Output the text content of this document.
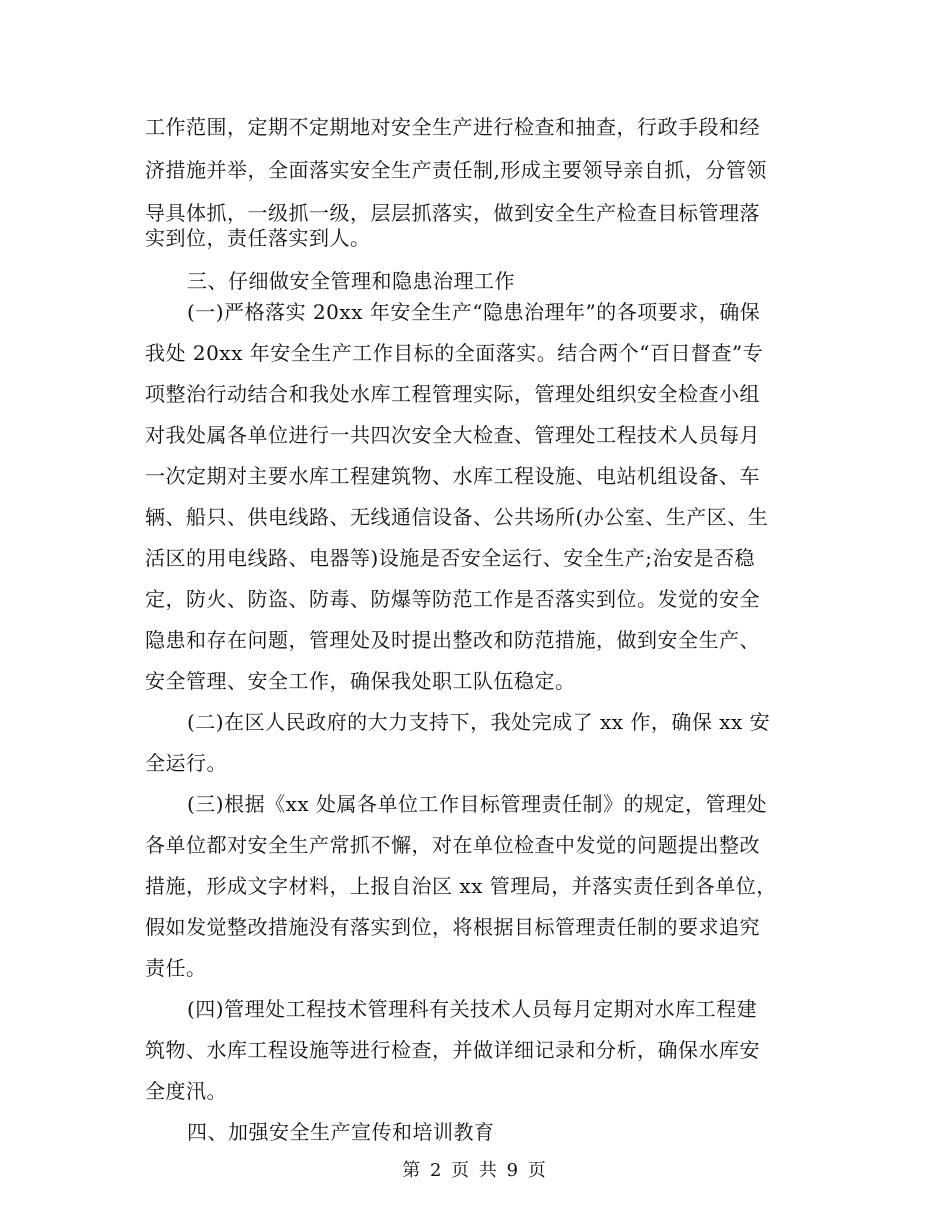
工作范围，定期不定期地对安全生产进行检查和抽查，行政手段和经
济措施并举，全面落实安全生产责任制,形成主要领导亲自抓，分管领
导具体抓，一级抓一级，层层抓落实，做到安全生产检查目标管理落
实到位，责任落实到人。
三、仔细做安全管理和隐患治理工作
(一)严格落实 20xx 年安全生产“隐患治理年”的各项要求，确保
我处 20xx 年安全生产工作目标的全面落实。结合两个“百日督查”专
项整治行动结合和我处水库工程管理实际，管理处组织安全检查小组
对我处属各单位进行一共四次安全大检查、管理处工程技术人员每月
一次定期对主要水库工程建筑物、水库工程设施、电站机组设备、车
辆、船只、供电线路、无线通信设备、公共场所(办公室、生产区、生
活区的用电线路、电器等)设施是否安全运行、安全生产;治安是否稳
定，防火、防盗、防毒、防爆等防范工作是否落实到位。发觉的安全
隐患和存在问题，管理处及时提出整改和防范措施，做到安全生产、
安全管理、安全工作，确保我处职工队伍稳定。
(二)在区人民政府的大力支持下，我处完成了 xx 作，确保 xx 安
全运行。
(三)根据《xx 处属各单位工作目标管理责任制》的规定，管理处
各单位都对安全生产常抓不懈，对在单位检查中发觉的问题提出整改
措施，形成文字材料，上报自治区 xx 管理局，并落实责任到各单位，
假如发觉整改措施没有落实到位，将根据目标管理责任制的要求追究
责任。
(四)管理处工程技术管理科有关技术人员每月定期对水库工程建
筑物、水库工程设施等进行检查，并做详细记录和分析，确保水库安
全度汛。
四、加强安全生产宣传和培训教育
第 2 页 共 9 页
